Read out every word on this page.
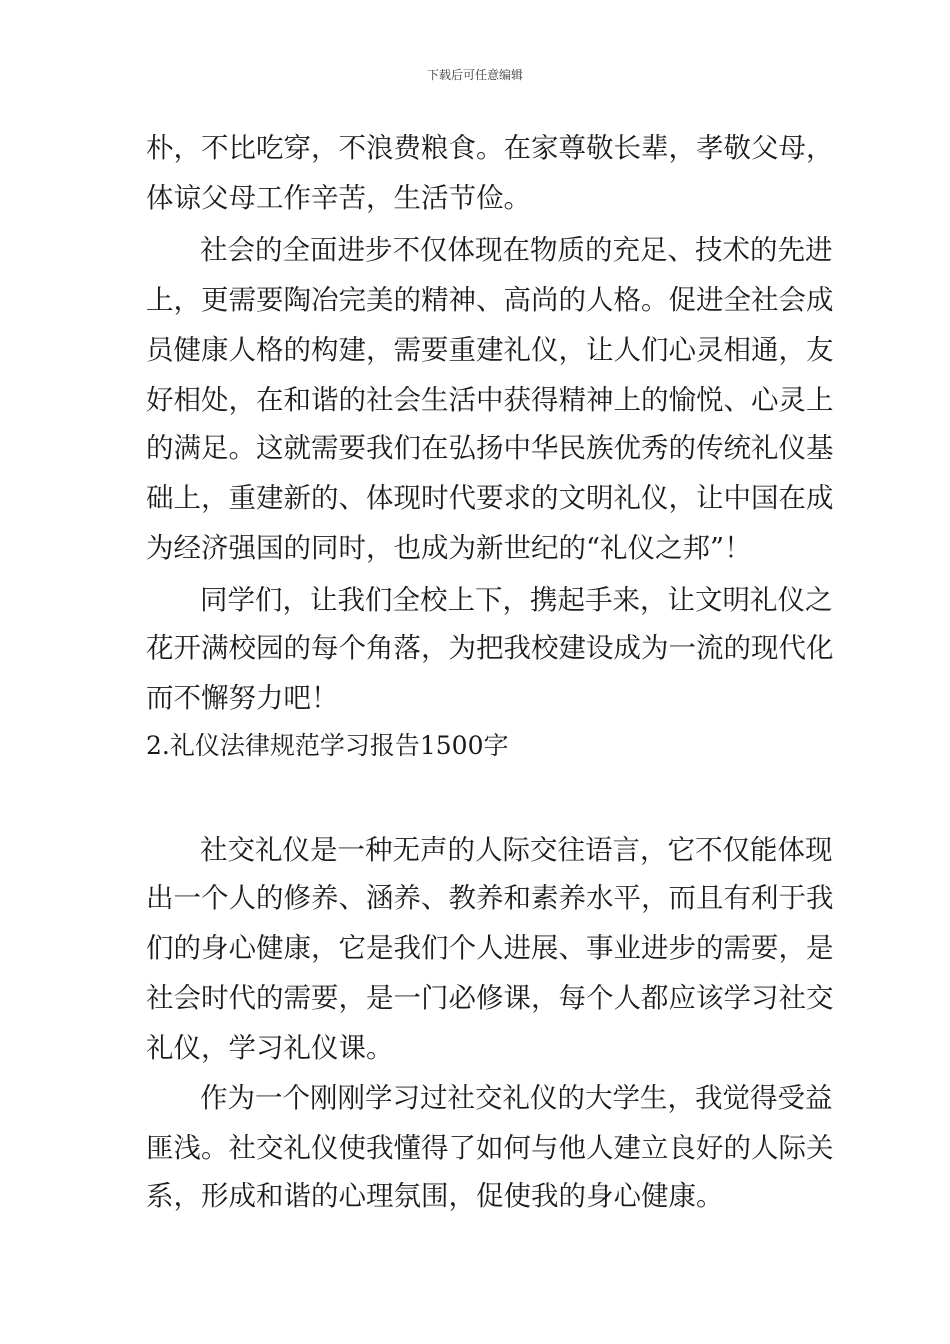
下载后可任意编辑
朴，不比吃穿，不浪费粮食。在家尊敬长辈，孝敬父母，
体谅父母工作辛苦，生活节俭。
社会的全面进步不仅体现在物质的充足、技术的先进
上，更需要陶冶完美的精神、高尚的人格。促进全社会成
员健康人格的构建，需要重建礼仪，让人们心灵相通，友
好相处，在和谐的社会生活中获得精神上的愉悦、心灵上
的满足。这就需要我们在弘扬中华民族优秀的传统礼仪基
础上，重建新的、体现时代要求的文明礼仪，让中国在成
为经济强国的同时，也成为新世纪的“礼仪之邦”！
同学们，让我们全校上下，携起手来，让文明礼仪之
花开满校园的每个角落，为把我校建设成为一流的现代化
而不懈努力吧！
2.礼仪法律规范学习报告1500字
社交礼仪是一种无声的人际交往语言，它不仅能体现
出一个人的修养、涵养、教养和素养水平，而且有利于我
们的身心健康，它是我们个人进展、事业进步的需要，是
社会时代的需要，是一门必修课，每个人都应该学习社交
礼仪，学习礼仪课。
作为一个刚刚学习过社交礼仪的大学生，我觉得受益
匪浅。社交礼仪使我懂得了如何与他人建立良好的人际关
系，形成和谐的心理氛围，促使我的身心健康。
